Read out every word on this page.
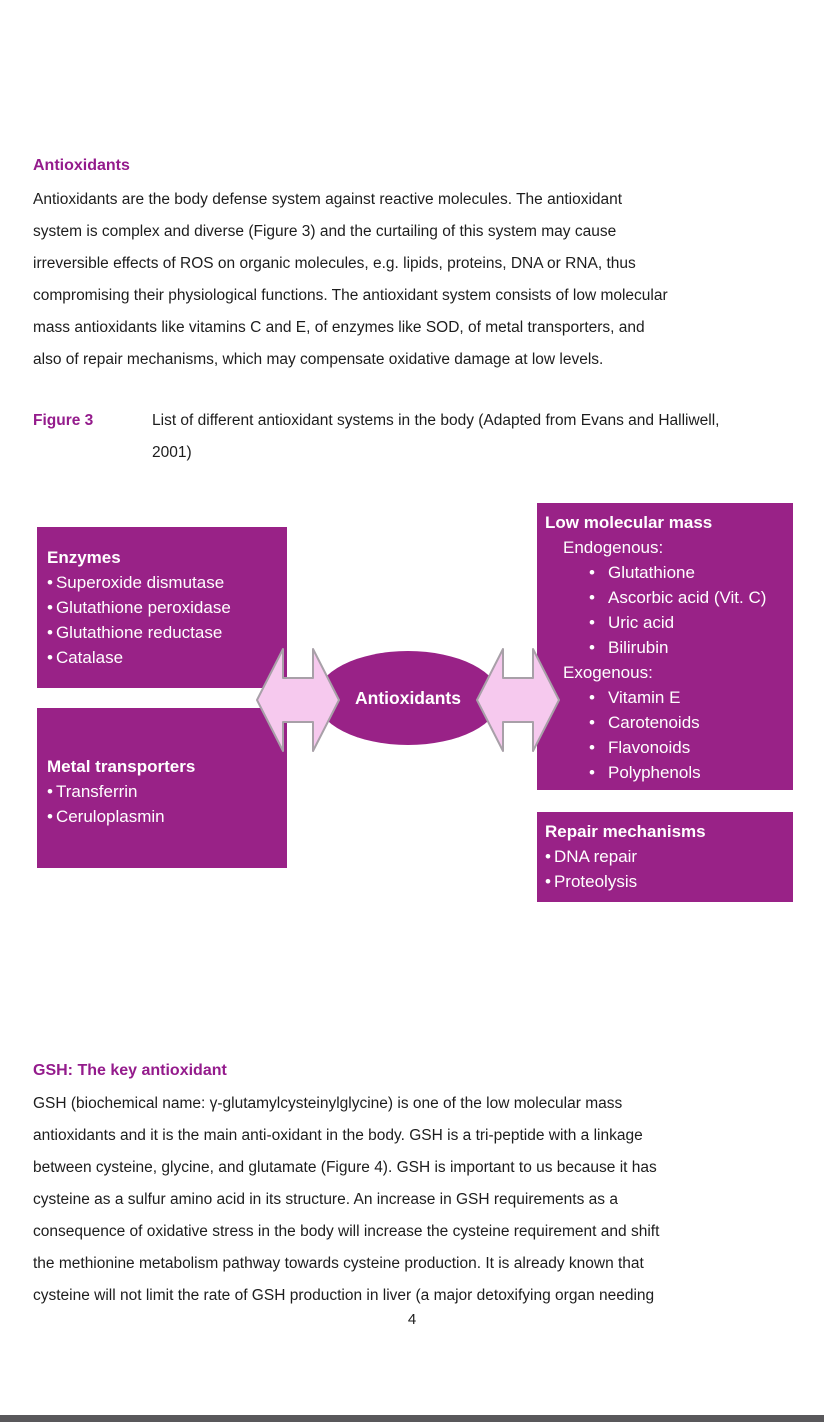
Antioxidants
Antioxidants are the body defense system against reactive molecules. The antioxidant
system is complex and diverse (Figure 3) and the curtailing of this system may cause
irreversible effects of ROS on organic molecules, e.g. lipids, proteins, DNA or RNA, thus
compromising their physiological functions. The antioxidant system consists of low molecular
mass antioxidants like vitamins C and E, of enzymes like SOD, of metal transporters, and
also of repair mechanisms, which may compensate oxidative damage at low levels.
Figure 3	List of different antioxidant systems in the body (Adapted from Evans and Halliwell,
2001)
Enzymes
• Superoxide dismutase
• Glutathione peroxidase
• Glutathione reductase
• Catalase
Metal transporters
• Transferrin
• Ceruloplasmin
Low molecular mass
Endogenous:
• Glutathione
• Ascorbic acid (Vit. C)
• Uric acid
• Bilirubin
Exogenous:
• Vitamin E
• Carotenoids
• Flavonoids
• Polyphenols
Repair mechanisms
• DNA repair
• Proteolysis
Antioxidants
GSH: The key antioxidant
GSH (biochemical name: γ-glutamylcysteinylglycine) is one of the low molecular mass
antioxidants and it is the main anti-oxidant in the body. GSH is a tri-peptide with a linkage
between cysteine, glycine, and glutamate (Figure 4). GSH is important to us because it has
cysteine as a sulfur amino acid in its structure. An increase in GSH requirements as a
consequence of oxidative stress in the body will increase the cysteine requirement and shift
the methionine metabolism pathway towards cysteine production. It is already known that
cysteine will not limit the rate of GSH production in liver (a major detoxifying organ needing
4
